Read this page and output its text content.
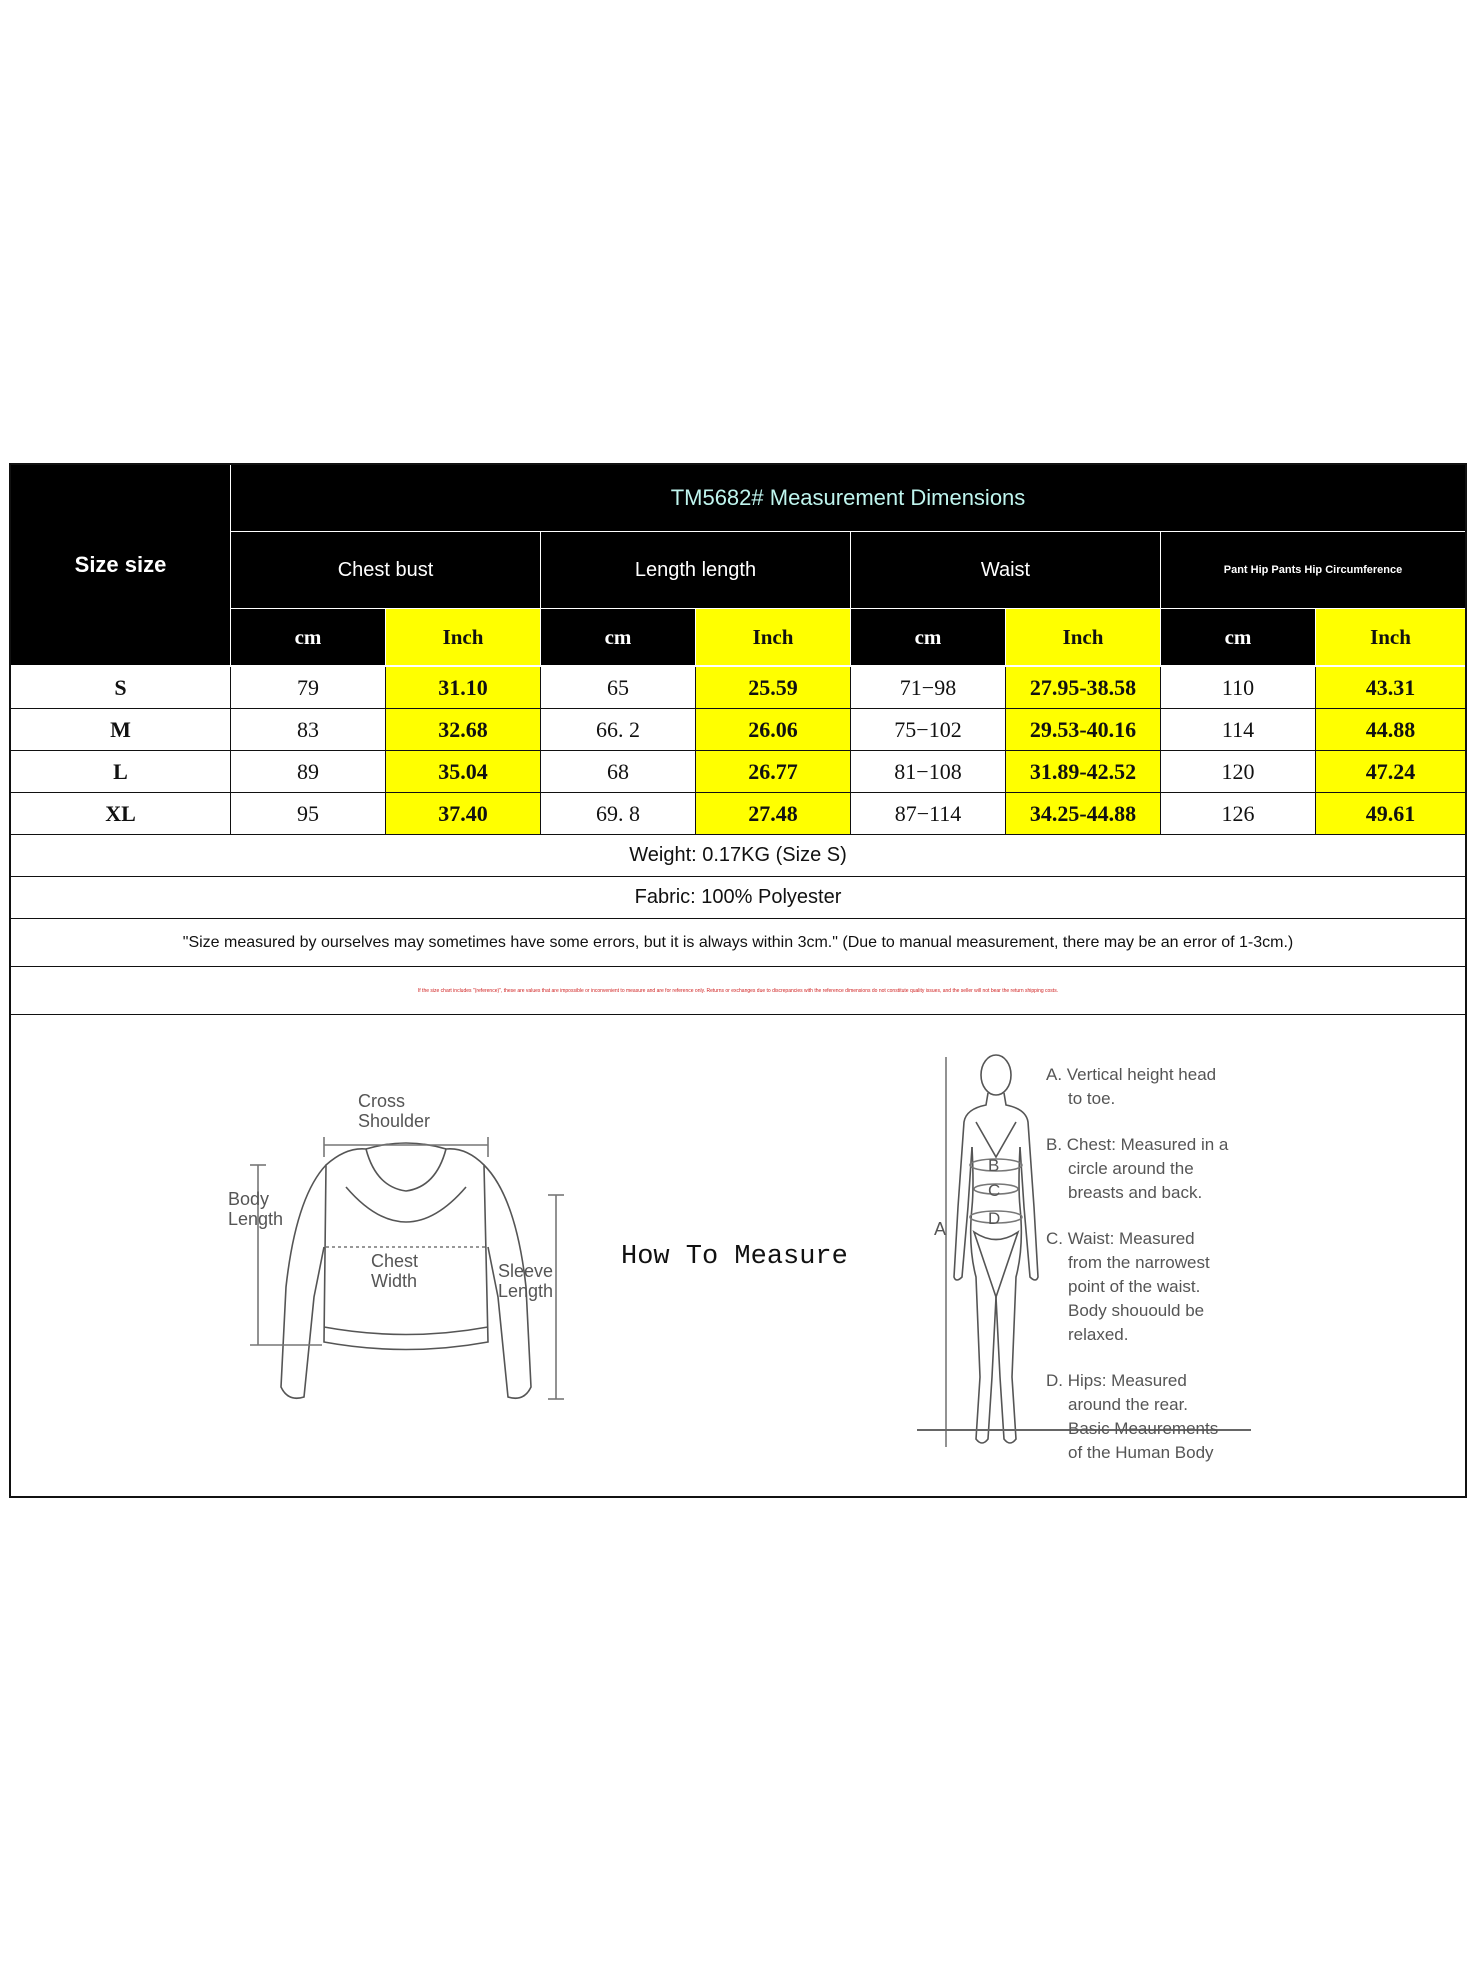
Size size
TM5682# Measurement Dimensions
Chest bust	Length length	Waist	Pant Hip Pants Hip Circumference
cm	Inch	cm	Inch	cm	Inch	cm	Inch
S	79	31.10	65	25.59	71−98	27.95-38.58	110	43.31
M	83	32.68	66. 2	26.06	75−102	29.53-40.16	114	44.88
L	89	35.04	68	26.77	81−108	31.89-42.52	120	47.24
XL	95	37.40	69. 8	27.48	87−114	34.25-44.88	126	49.61
Weight: 0.17KG (Size S)
Fabric: 100% Polyester
"Size measured by ourselves may sometimes have some errors, but it is always within 3cm." (Due to manual measurement, there may be an error of 1-3cm.)
If the size chart includes "(reference)", these are values that are impossible or inconvenient to measure and are for reference only. Returns or exchanges due to discrepancies with the reference dimensions do not constitute quality issues, and the seller will not bear the return shipping costs.
Cross
Shoulder
Body
Length
Chest
Width	Sleeve
Length
How To Measure
B
C
D
A

A. Vertical height head
to toe.

B. Chest: Measured in a
circle around the
breasts and back.

C. Waist: Measured
from the narrowest
point of the waist.
Body shouould be
relaxed.

D. Hips: Measured
around the rear.
Basic Meaurements
of the Human Body
